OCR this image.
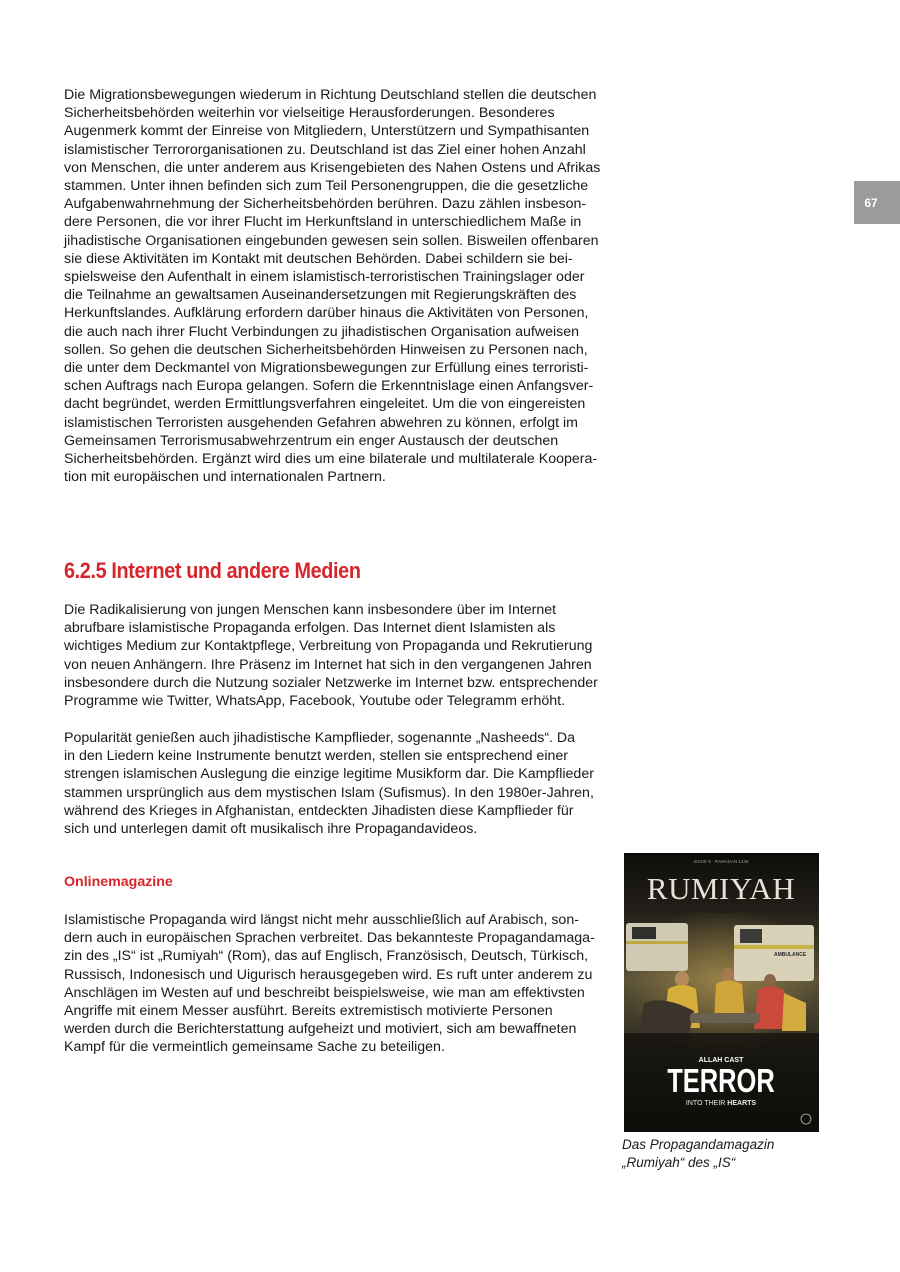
Die Migrationsbewegungen wiederum in Richtung Deutschland stellen die deutschen
Sicherheitsbehörden weiterhin vor vielseitige Herausforderungen. Besonderes
Augenmerk kommt der Einreise von Mitgliedern, Unterstützern und Sympathisanten
islamistischer Terrororganisationen zu. Deutschland ist das Ziel einer hohen Anzahl
von Menschen, die unter anderem aus Krisengebieten des Nahen Ostens und Afrikas
stammen. Unter ihnen befinden sich zum Teil Personengruppen, die die gesetzliche
Aufgabenwahrnehmung der Sicherheitsbehörden berühren. Dazu zählen insbeson-
dere Personen, die vor ihrer Flucht im Herkunftsland in unterschiedlichem Maße in
jihadistische Organisationen eingebunden gewesen sein sollen. Bisweilen offenbaren
sie diese Aktivitäten im Kontakt mit deutschen Behörden. Dabei schildern sie bei-
spielsweise den Aufenthalt in einem islamistisch-terroristischen Trainingslager oder
die Teilnahme an gewaltsamen Auseinandersetzungen mit Regierungskräften des
Herkunftslandes. Aufklärung erfordern darüber hinaus die Aktivitäten von Personen,
die auch nach ihrer Flucht Verbindungen zu jihadistischen Organisation aufweisen
sollen. So gehen die deutschen Sicherheitsbehörden Hinweisen zu Personen nach,
die unter dem Deckmantel von Migrationsbewegungen zur Erfüllung eines terroristi-
schen Auftrags nach Europa gelangen. Sofern die Erkenntnislage einen Anfangsver-
dacht begründet, werden Ermittlungsverfahren eingeleitet. Um die von eingereisten
islamistischen Terroristen ausgehenden Gefahren abwehren zu können, erfolgt im
Gemeinsamen Terrorismusabwehrzentrum ein enger Austausch der deutschen
Sicherheitsbehörden. Ergänzt wird dies um eine bilaterale und multilaterale Koopera-
tion mit europäischen und internationalen Partnern.

6.2.5 Internet und andere Medien

Die Radikalisierung von jungen Menschen kann insbesondere über im Internet
abrufbare islamistische Propaganda erfolgen. Das Internet dient Islamisten als
wichtiges Medium zur Kontaktpflege, Verbreitung von Propaganda und Rekrutierung
von neuen Anhängern. Ihre Präsenz im Internet hat sich in den vergangenen Jahren
insbesondere durch die Nutzung sozialer Netzwerke im Internet bzw. entsprechender
Programme wie Twitter, WhatsApp, Facebook, Youtube oder Telegramm erhöht.

Popularität genießen auch jihadistische Kampflieder, sogenannte „Nasheeds“. Da
in den Liedern keine Instrumente benutzt werden, stellen sie entsprechend einer
strengen islamischen Auslegung die einzige legitime Musikform dar. Die Kampflieder
stammen ursprünglich aus dem mystischen Islam (Sufismus). In den 1980er-Jahren,
während des Krieges in Afghanistan, entdeckten Jihadisten diese Kampflieder für
sich und unterlegen damit oft musikalisch ihre Propagandavideos.

Onlinemagazine

Islamistische Propaganda wird längst nicht mehr ausschließlich auf Arabisch, son-
dern auch in europäischen Sprachen verbreitet. Das bekannteste Propagandamaga-
zin des „IS“ ist „Rumiyah“ (Rom), das auf Englisch, Französisch, Deutsch, Türkisch,
Russisch, Indonesisch und Uigurisch herausgegeben wird. Es ruft unter anderem zu
Anschlägen im Westen auf und beschreibt beispielsweise, wie man am effektivsten
Angriffe mit einem Messer ausführt. Bereits extremistisch motivierte Personen
werden durch die Berichterstattung aufgeheizt und motiviert, sich am bewaffneten
Kampf für die vermeintlich gemeinsame Sache zu beteiligen.

67
ISSUE 8 · RAMADAN 1438
RUMIYAH
AMBULANCE
ALLAH CAST
TERROR
INTO THEIR HEARTS

Das Propagandamagazin
„Rumiyah“ des „IS“
